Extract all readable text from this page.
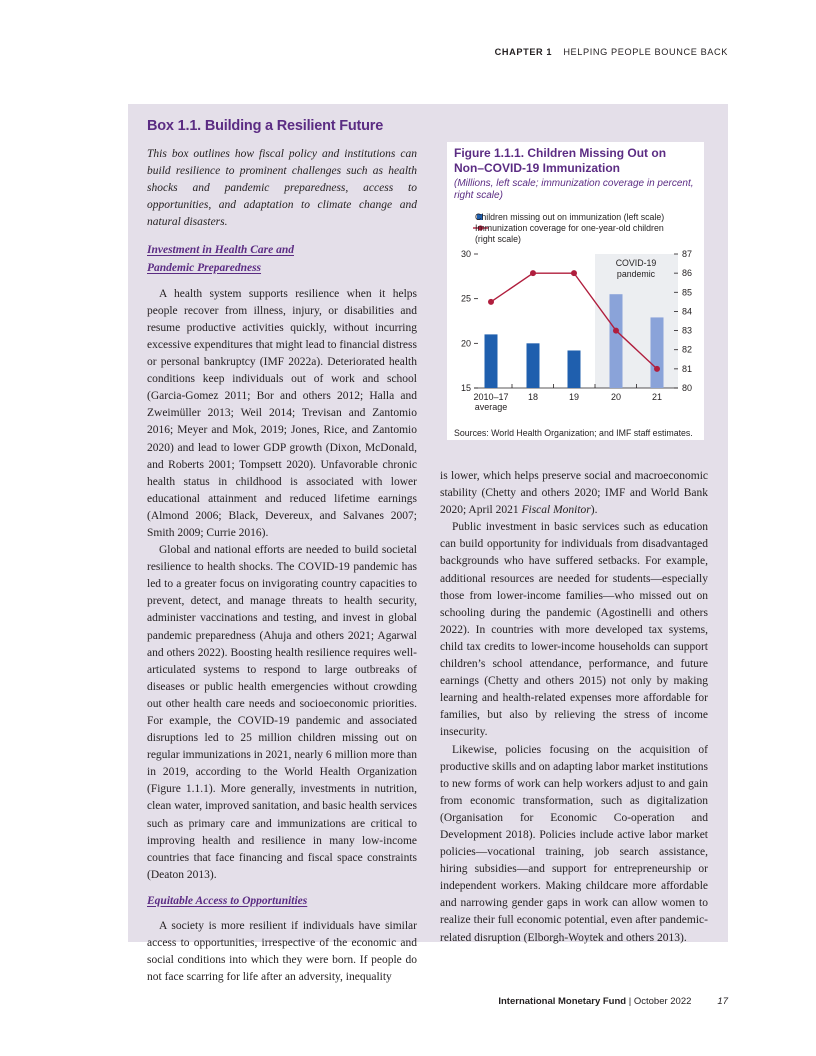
CHAPTER 1 HELPING PEOPLE BOUNCE BACK
Box 1.1. Building a Resilient Future

This box outlines how fiscal policy and institutions can build resilience to prominent challenges such as health shocks and pandemic preparedness, access to opportunities, and adaptation to climate change and natural disasters.

Investment in Health Care and
Pandemic Preparedness

A health system supports resilience when it helps people recover from illness, injury, or disabilities and resume productive activities quickly, without incurring excessive expenditures that might lead to financial distress or personal bankruptcy (IMF 2022a). Deteriorated health conditions keep individuals out of work and school (Garcia-Gomez 2011; Bor and others 2012; Halla and Zweimüller 2013; Weil 2014; Trevisan and Zantomio 2016; Meyer and Mok, 2019; Jones, Rice, and Zantomio 2020) and lead to lower GDP growth (Dixon, McDonald, and Roberts 2001; Tompsett 2020). Unfavorable chronic health status in childhood is associated with lower educational attainment and reduced lifetime earnings (Almond 2006; Black, Devereux, and Salvanes 2007; Smith 2009; Currie 2016).

Global and national efforts are needed to build societal resilience to health shocks. The COVID-19 pandemic has led to a greater focus on invigorating country capacities to prevent, detect, and manage threats to health security, administer vaccinations and testing, and invest in global pandemic preparedness (Ahuja and others 2021; Agarwal and others 2022). Boosting health resilience requires well-articulated systems to respond to large outbreaks of diseases or public health emergencies without crowding out other health care needs and socioeconomic priorities. For example, the COVID-19 pandemic and associated disruptions led to 25 million children missing out on regular immunizations in 2021, nearly 6 million more than in 2019, according to the World Health Organization (Figure 1.1.1). More generally, investments in nutrition, clean water, improved sanitation, and basic health services such as primary care and immunizations are critical to improving health and resilience in many low-income countries that face financing and fiscal space constraints (Deaton 2013).

Equitable Access to Opportunities

A society is more resilient if individuals have similar access to opportunities, irrespective of the economic and social conditions into which they were born. If people do not face scarring for life after an adversity, inequality

is lower, which helps preserve social and macroeconomic stability (Chetty and others 2020; IMF and World Bank 2020; April 2021 Fiscal Monitor).

Public investment in basic services such as education can build opportunity for individuals from disadvantaged backgrounds who have suffered setbacks. For example, additional resources are needed for students—especially those from lower-income families—who missed out on schooling during the pandemic (Agostinelli and others 2022). In countries with more developed tax systems, child tax credits to lower-income households can support children’s school attendance, performance, and future earnings (Chetty and others 2015) not only by making learning and health-related expenses more affordable for families, but also by relieving the stress of income insecurity.

Likewise, policies focusing on the acquisition of productive skills and on adapting labor market institutions to new forms of work can help workers adjust to and gain from economic transformation, such as digitalization (Organisation for Economic Co-operation and Development 2018). Policies include active labor market policies—vocational training, job search assistance, hiring subsidies—and support for entrepreneurship or independent workers. Making childcare more affordable and narrowing gender gaps in work can allow women to realize their full economic potential, even after pandemic-related disruption (Elborgh-Woytek and others 2013).

Figure 1.1.1. Children Missing Out on Non–COVID-19 Immunization
(Millions, left scale; immunization coverage in percent, right scale)
COVID-19
pandemic
15
20
25
30
80
81
82
83
84
85
86
87
2010–17
average
18	19	20	21
Children missing out on immunization (left scale)
Immunization coverage for one-year-old children (right scale)
Sources: World Health Organization; and IMF staff estimates.
International Monetary Fund | October 2022	17
